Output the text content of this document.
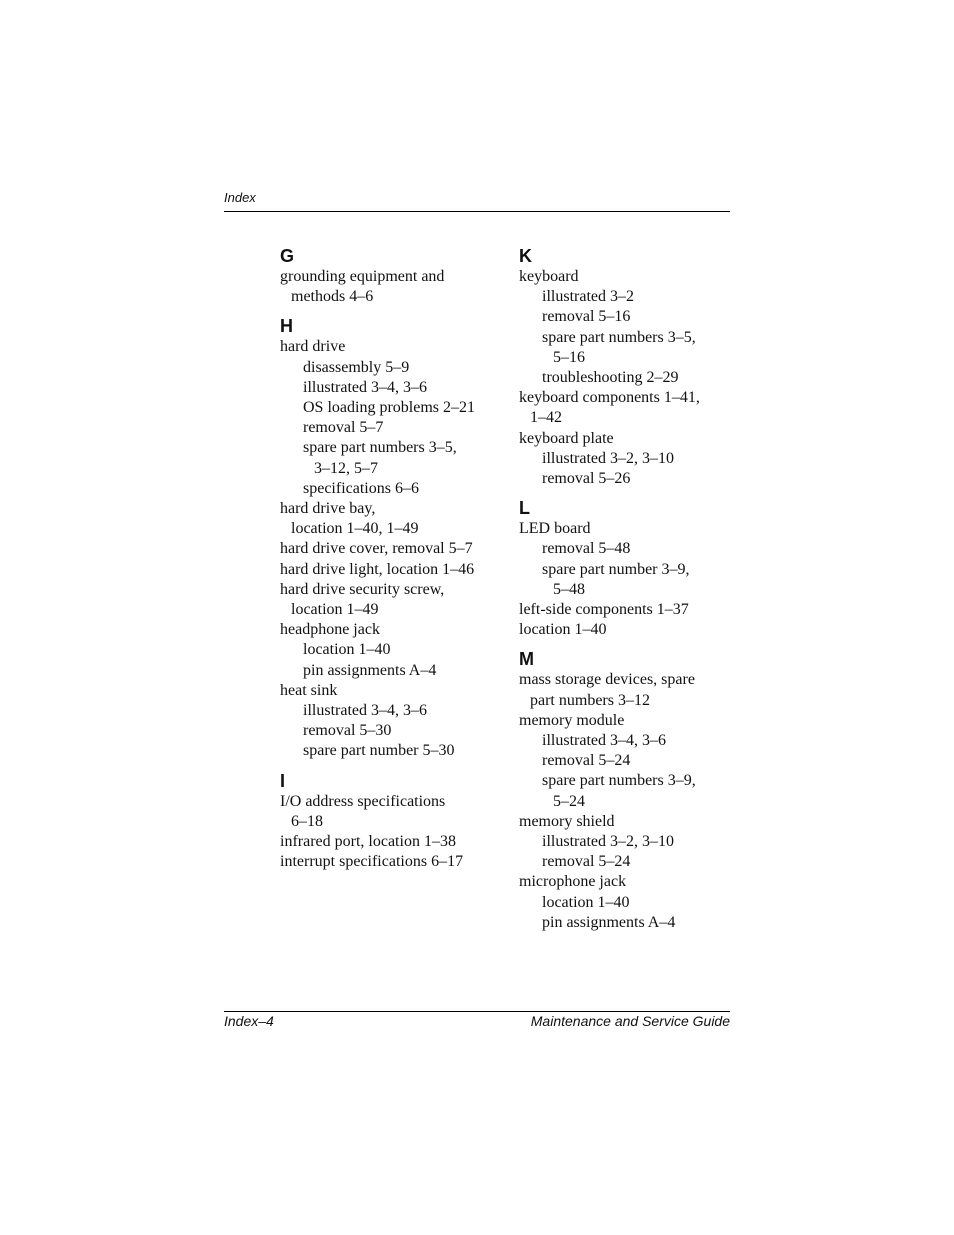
Index
G
grounding equipment and
methods 4–6
H
hard drive
disassembly 5–9
illustrated 3–4, 3–6
OS loading problems 2–21
removal 5–7
spare part numbers 3–5,
3–12, 5–7
specifications 6–6
hard drive bay,
location 1–40, 1–49
hard drive cover, removal 5–7
hard drive light, location 1–46
hard drive security screw,
location 1–49
headphone jack
location 1–40
pin assignments A–4
heat sink
illustrated 3–4, 3–6
removal 5–30
spare part number 5–30
I
I/O address specifications
6–18
infrared port, location 1–38
interrupt specifications 6–17
K
keyboard
illustrated 3–2
removal 5–16
spare part numbers 3–5,
5–16
troubleshooting 2–29
keyboard components 1–41,
1–42
keyboard plate
illustrated 3–2, 3–10
removal 5–26
L
LED board
removal 5–48
spare part number 3–9,
5–48
left-side components 1–37
location 1–40
M
mass storage devices, spare
part numbers 3–12
memory module
illustrated 3–4, 3–6
removal 5–24
spare part numbers 3–9,
5–24
memory shield
illustrated 3–2, 3–10
removal 5–24
microphone jack
location 1–40
pin assignments A–4
Index–4	Maintenance and Service Guide
